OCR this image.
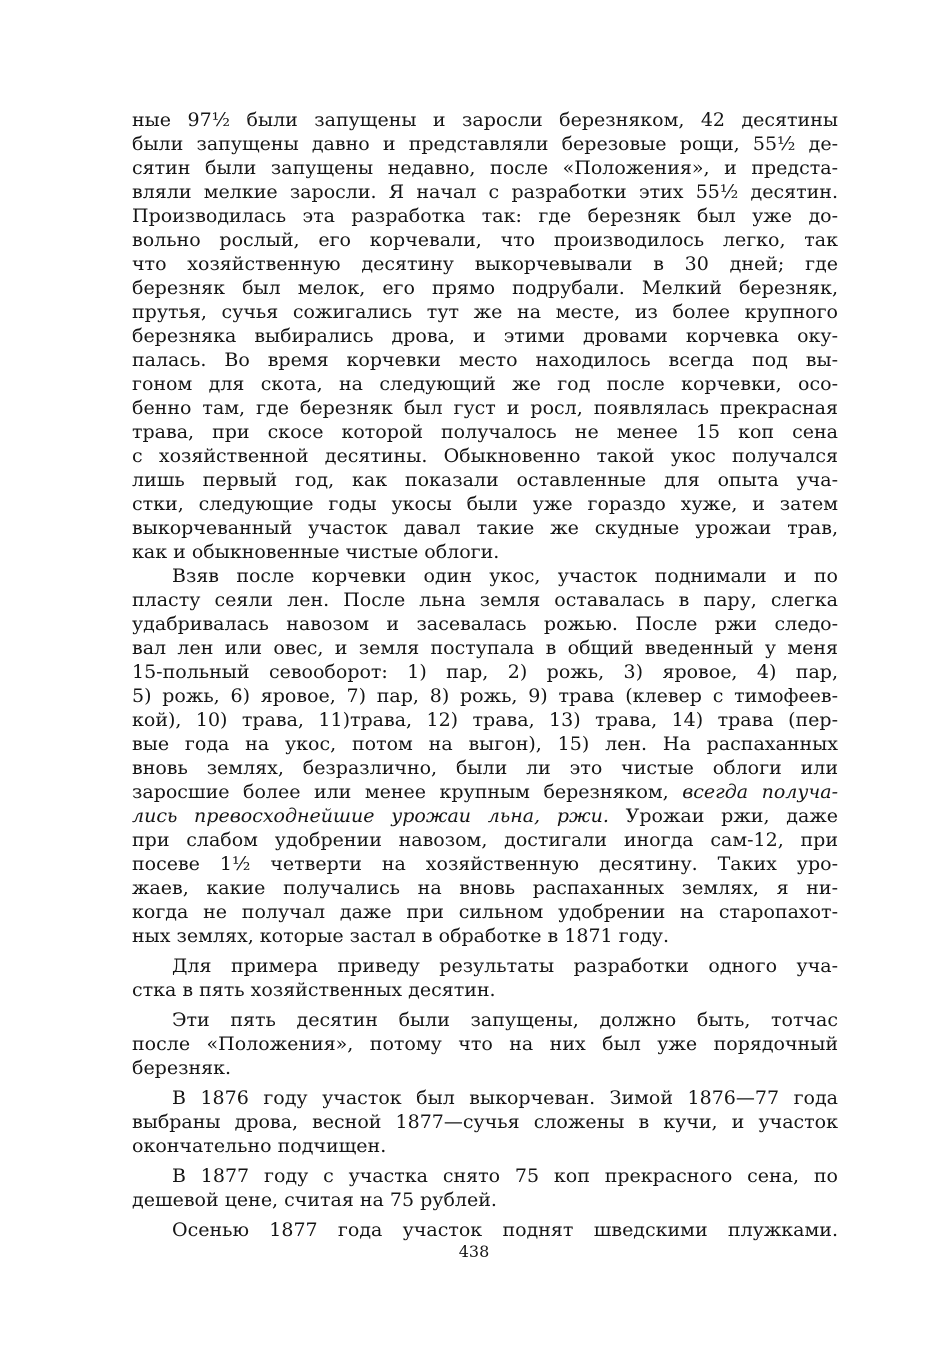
ные 97½ были запущены и заросли березняком, 42 десятины
были запущены давно и представляли березовые рощи, 55½ де-
сятин были запущены недавно, после «Положения», и предста-
вляли мелкие заросли. Я начал с разработки этих 55½ десятин.
Производилась эта разработка так: где березняк был уже до-
вольно рослый, его корчевали, что производилось легко, так
что хозяйственную десятину выкорчевывали в 30 дней; где
березняк был мелок, его прямо подрубали. Мелкий березняк,
прутья, сучья сожигались тут же на месте, из более крупного
березняка выбирались дрова, и этими дровами корчевка оку-
палась. Во время корчевки место находилось всегда под вы-
гоном для скота, на следующий же год после корчевки, осо-
бенно там, где березняк был густ и росл, появлялась прекрасная
трава, при скосе которой получалось не менее 15 коп сена
с хозяйственной десятины. Обыкновенно такой укос получался
лишь первый год, как показали оставленные для опыта уча-
стки, следующие годы укосы были уже гораздо хуже, и затем
выкорчеванный участок давал такие же скудные урожаи трав,
как и обыкновенные чистые облоги.
Взяв после корчевки один укос, участок поднимали и по
пласту сеяли лен. После льна земля оставалась в пару, слегка
удабривалась навозом и засевалась рожью. После ржи следо-
вал лен или овес, и земля поступала в общий введенный у меня
15-польный севооборот: 1) пар, 2) рожь, 3) яровое, 4) пар,
5) рожь, 6) яровое, 7) пар, 8) рожь, 9) трава (клевер с тимофеев-
кой), 10) трава, 11)трава, 12) трава, 13) трава, 14) трава (пер-
вые года на укос, потом на выгон), 15) лен. На распаханных
вновь землях, безразлично, были ли это чистые облоги или
заросшие более или менее крупным березняком, всегда получа-
лись превосходнейшие урожаи льна, ржи. Урожаи ржи, даже
при слабом удобрении навозом, достигали иногда сам-12, при
посеве 1½ четверти на хозяйственную десятину. Таких уро-
жаев, какие получались на вновь распаханных землях, я ни-
когда не получал даже при сильном удобрении на старопахот-
ных землях, которые застал в обработке в 1871 году.
Для примера приведу результаты разработки одного уча-
стка в пять хозяйственных десятин.
Эти пять десятин были запущены, должно быть, тотчас
после «Положения», потому что на них был уже порядочный
березняк.
В 1876 году участок был выкорчеван. Зимой 1876—77 года
выбраны дрова, весной 1877—сучья сложены в кучи, и участок
окончательно подчищен.
В 1877 году с участка снято 75 коп прекрасного сена, по
дешевой цене, считая на 75 рублей.
Осенью 1877 года участок поднят шведскими плужками.
438
